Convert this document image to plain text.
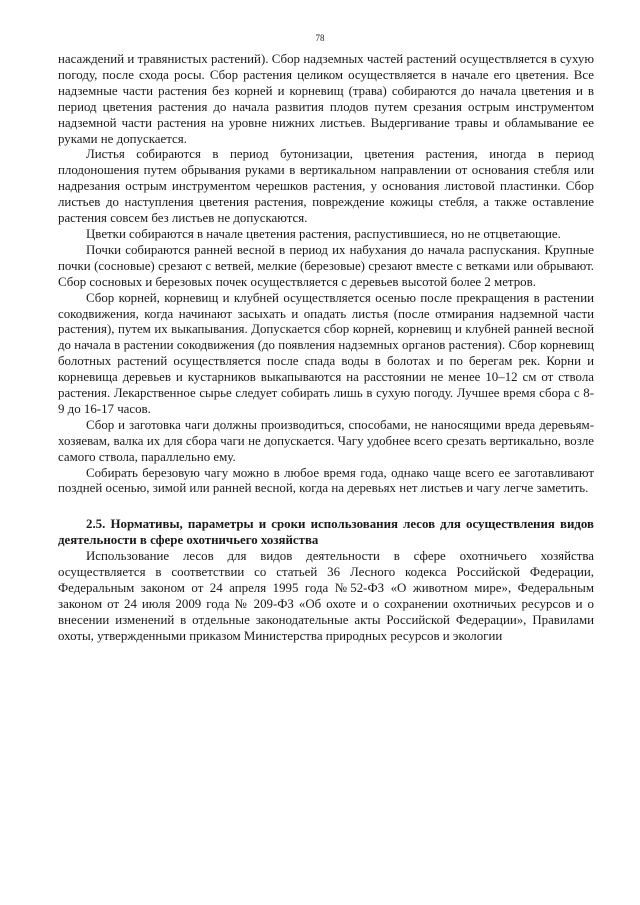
78

насаждений и травянистых растений). Сбор надземных частей растений осуществляется в сухую погоду, после схода росы. Сбор растения целиком осуществляется в начале его цветения. Все надземные части растения без корней и корневищ (трава) собираются до начала цветения и в период цветения растения до начала развития плодов путем срезания острым инструментом надземной части растения на уровне нижних листьев. Выдергивание травы и обламывание ее руками не допускается.

Листья собираются в период бутонизации, цветения растения, иногда в период плодоношения путем обрывания руками в вертикальном направлении от основания стебля или надрезания острым инструментом черешков растения, у основания листовой пластинки. Сбор листьев до наступления цветения растения, повреждение кожицы стебля, а также оставление растения совсем без листьев не допускаются.

Цветки собираются в начале цветения растения, распустившиеся, но не отцветающие.

Почки собираются ранней весной в период их набухания до начала распускания. Крупные почки (сосновые) срезают с ветвей, мелкие (березовые) срезают вместе с ветками или обрывают. Сбор сосновых и березовых почек осуществляется с деревьев высотой более 2 метров.

Сбор корней, корневищ и клубней осуществляется осенью после прекращения в растении сокодвижения, когда начинают засыхать и опадать листья (после отмирания надземной части растения), путем их выкапывания. Допускается сбор корней, корневищ и клубней ранней весной до начала в растении сокодвижения (до появления надземных органов растения). Сбор корневищ болотных растений осуществляется после спада воды в болотах и по берегам рек. Корни и корневища деревьев и кустарников выкапываются на расстоянии не менее 10–12 см от ствола растения. Лекарственное сырье следует собирать лишь в сухую погоду. Лучшее время сбора с 8-9 до 16-17 часов.

Сбор и заготовка чаги должны производиться, способами, не наносящими вреда деревьям-хозяевам, валка их для сбора чаги не допускается. Чагу удобнее всего срезать вертикально, возле самого ствола, параллельно ему.

Собирать березовую чагу можно в любое время года, однако чаще всего ее заготавливают поздней осенью, зимой или ранней весной, когда на деревьях нет листьев и чагу легче заметить.

2.5. Нормативы, параметры и сроки использования лесов для осуществления видов деятельности в сфере охотничьего хозяйства

Использование лесов для видов деятельности в сфере охотничьего хозяйства осуществляется в соответствии со статьей 36 Лесного кодекса Российской Федерации, Федеральным законом от 24 апреля 1995 года №52-ФЗ «О животном мире», Федеральным законом от 24 июля 2009 года № 209-ФЗ «Об охоте и о сохранении охотничьих ресурсов и о внесении изменений в отдельные законодательные акты Российской Федерации», Правилами охоты, утвержденными приказом Министерства природных ресурсов и экологии
